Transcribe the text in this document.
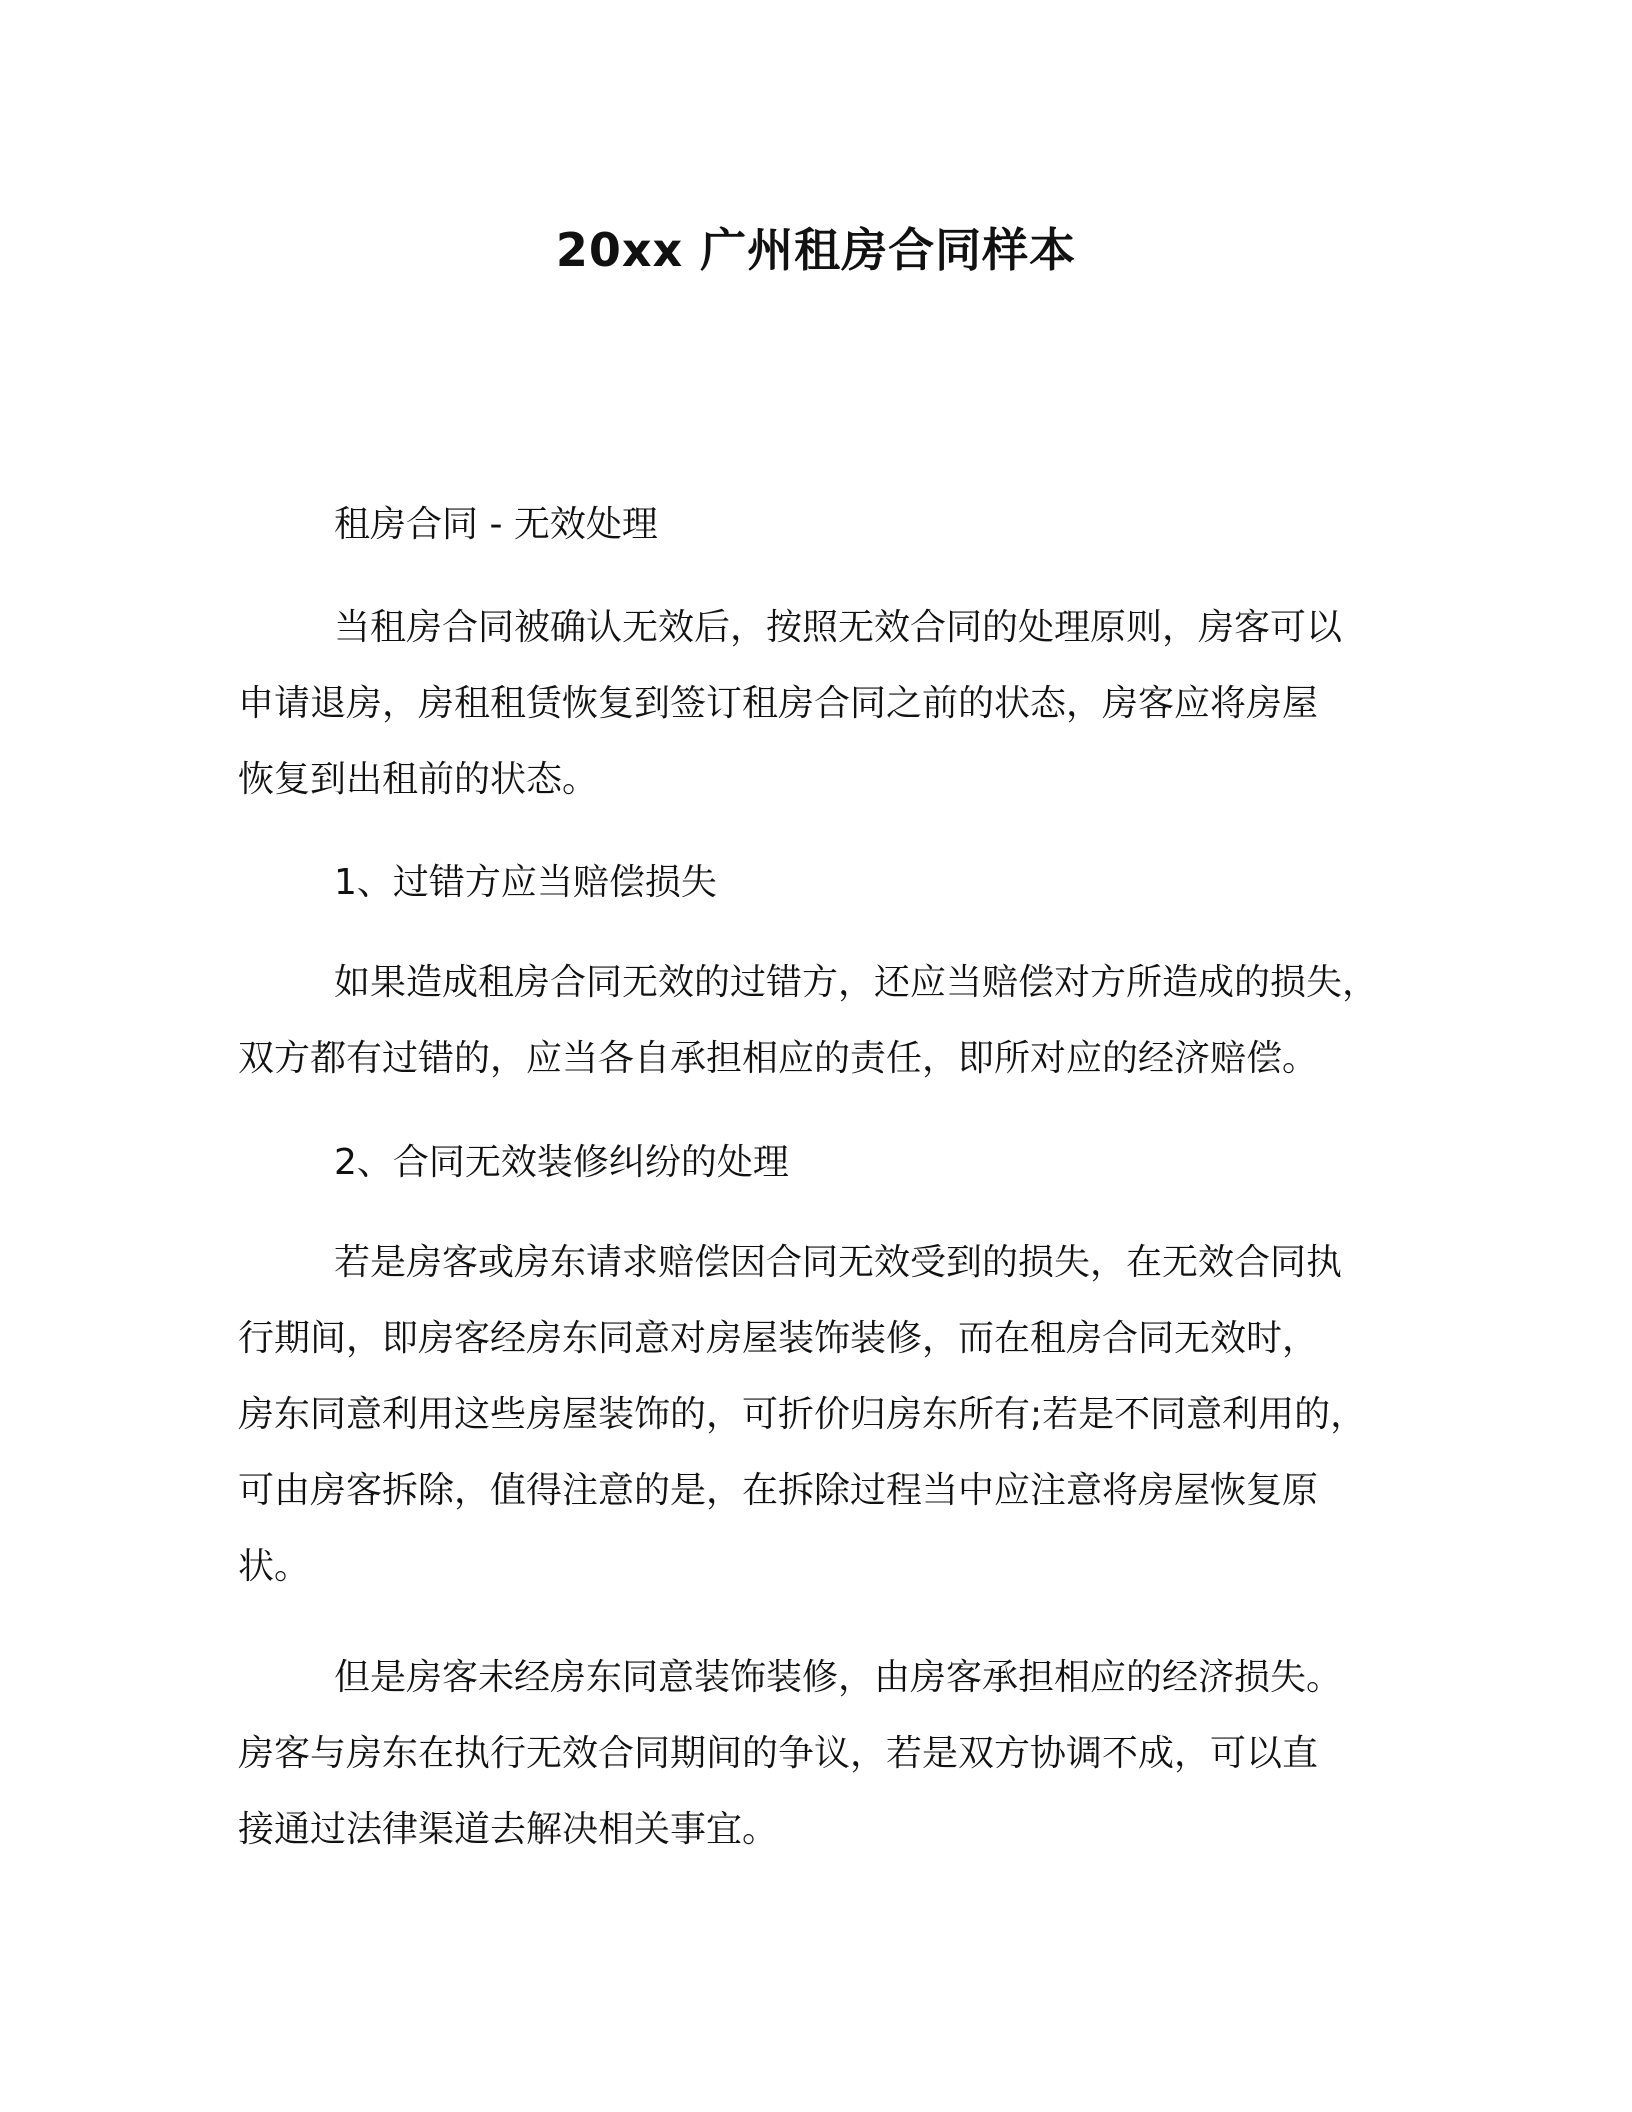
20xx 广州租房合同样本

租房合同 - 无效处理

当租房合同被确认无效后，按照无效合同的处理原则，房客可以
申请退房，房租租赁恢复到签订租房合同之前的状态，房客应将房屋
恢复到出租前的状态。

1、过错方应当赔偿损失

如果造成租房合同无效的过错方，还应当赔偿对方所造成的损失，
双方都有过错的，应当各自承担相应的责任，即所对应的经济赔偿。

2、合同无效装修纠纷的处理

若是房客或房东请求赔偿因合同无效受到的损失，在无效合同执
行期间，即房客经房东同意对房屋装饰装修，而在租房合同无效时，
房东同意利用这些房屋装饰的，可折价归房东所有;若是不同意利用的，
可由房客拆除，值得注意的是，在拆除过程当中应注意将房屋恢复原
状。
但是房客未经房东同意装饰装修，由房客承担相应的经济损失。
房客与房东在执行无效合同期间的争议，若是双方协调不成，可以直
接通过法律渠道去解决相关事宜。
